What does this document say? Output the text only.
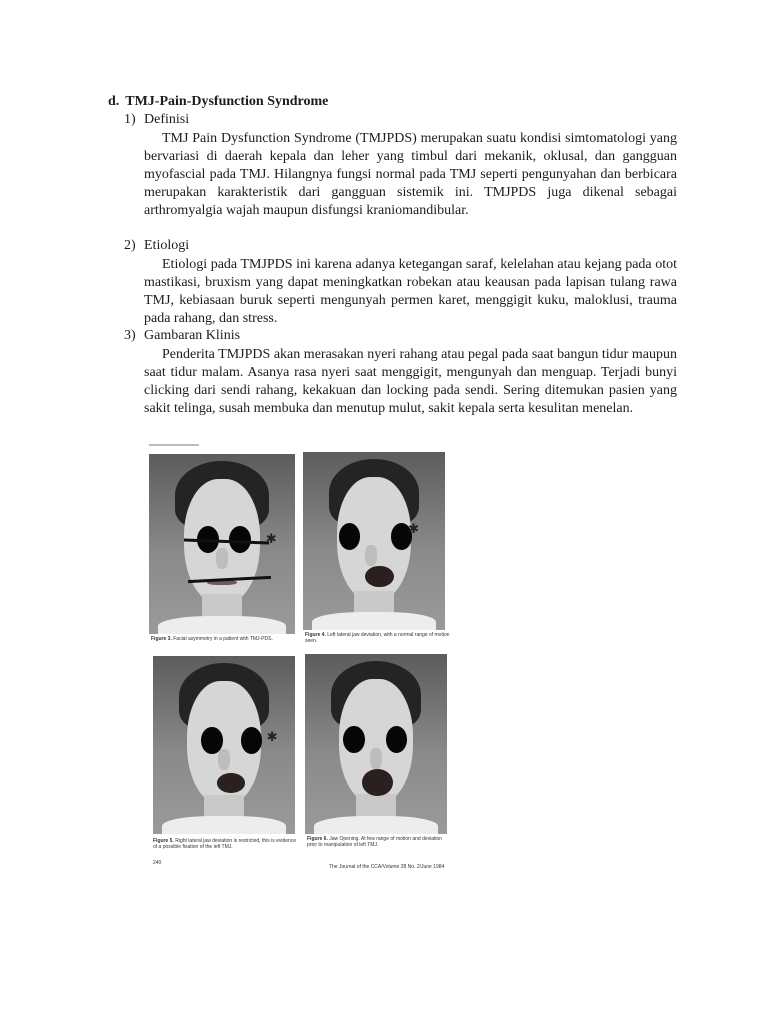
d. TMJ-Pain-Dysfunction Syndrome
1) Definisi

TMJ Pain Dysfunction Syndrome (TMJPDS) merupakan suatu kondisi simtomatologi yang bervariasi di daerah kepala dan leher yang timbul dari mekanik, oklusal, dan gangguan myofascial pada TMJ. Hilangnya fungsi normal pada TMJ seperti pengunyahan dan berbicara merupakan karakteristik dari gangguan sistemik ini. TMJPDS juga dikenal sebagai arthromyalgia wajah maupun disfungsi kraniomandibular.

2) Etiologi

Etiologi pada TMJPDS ini karena adanya ketegangan saraf, kelelahan atau kejang pada otot mastikasi, bruxism yang dapat meningkatkan robekan atau keausan pada lapisan tulang rawa TMJ, kebiasaan buruk seperti mengunyah permen karet, menggigit kuku, maloklusi, trauma pada rahang, dan stress.

3) Gambaran Klinis

Penderita TMJPDS akan merasakan nyeri rahang atau pegal pada saat bangun tidur maupun saat tidur malam. Asanya rasa nyeri saat menggigit, mengunyah dan menguap. Terjadi bunyi clicking dari sendi rahang, kekakuan dan locking pada sendi. Sering ditemukan pasien yang sakit telinga, susah membuka dan menutup mulut, sakit kepala serta kesulitan menelan.

✱
Figure 3. Facial asymmetry in a patient with TMJ-PDS.
✱
Figure 4. Left lateral jaw deviation, with a normal range of motion seen.
✱
Figure 5. Right lateral jaw deviation is restricted, this is evidence of a possible fixation of the left TMJ.
Figure 6. Jaw Opening. At few range of motion and deviation prior to manipulation of left TMJ.
240
The Journal of the CCA/Volume 28 No. 2/June 1984
